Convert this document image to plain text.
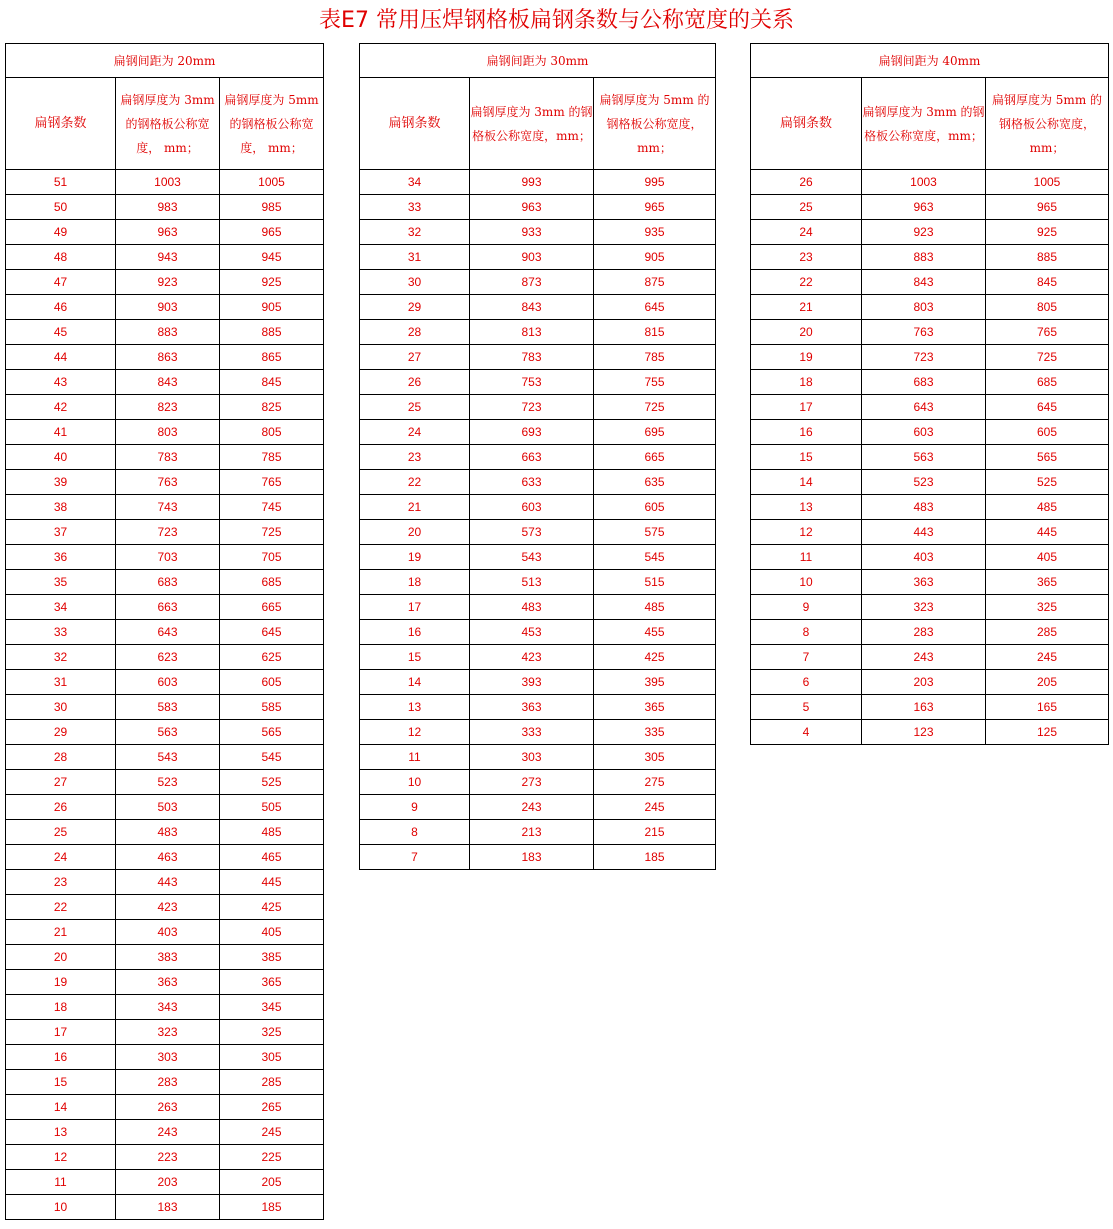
表E7 常用压焊钢格板扁钢条数与公称宽度的关系
扁钢间距为 20mm		
扁钢条数	扁钢厚度为 3mm 的钢格板公称宽度， mm；	扁钢厚度为 5mm 的钢格板公称宽度， mm；
51	1003	1005
50	983	985
49	963	965
48	943	945
47	923	925
46	903	905
45	883	885
44	863	865
43	843	845
42	823	825
41	803	805
40	783	785
39	763	765
38	743	745
37	723	725
36	703	705
35	683	685
34	663	665
33	643	645
32	623	625
31	603	605
30	583	585
29	563	565
28	543	545
27	523	525
26	503	505
25	483	485
24	463	465
23	443	445
22	423	425
21	403	405
20	383	385
19	363	365
18	343	345
17	323	325
16	303	305
15	283	285
14	263	265
13	243	245
12	223	225
11	203	205
10	183	185
扁钢间距为 30mm		
扁钢条数	扁钢厚度为 3mm 的钢格板公称宽度，mm；	扁钢厚度为 5mm 的钢格板公称宽度，mm；
34	993	995
33	963	965
32	933	935
31	903	905
30	873	875
29	843	645
28	813	815
27	783	785
26	753	755
25	723	725
24	693	695
23	663	665
22	633	635
21	603	605
20	573	575
19	543	545
18	513	515
17	483	485
16	453	455
15	423	425
14	393	395
13	363	365
12	333	335
11	303	305
10	273	275
9	243	245
8	213	215
7	183	185
扁钢间距为 40mm		
扁钢条数	扁钢厚度为 3mm 的钢格板公称宽度，mm；	扁钢厚度为 5mm 的钢格板公称宽度，mm；
26	1003	1005
25	963	965
24	923	925
23	883	885
22	843	845
21	803	805
20	763	765
19	723	725
18	683	685
17	643	645
16	603	605
15	563	565
14	523	525
13	483	485
12	443	445
11	403	405
10	363	365
9	323	325
8	283	285
7	243	245
6	203	205
5	163	165
4	123	125
